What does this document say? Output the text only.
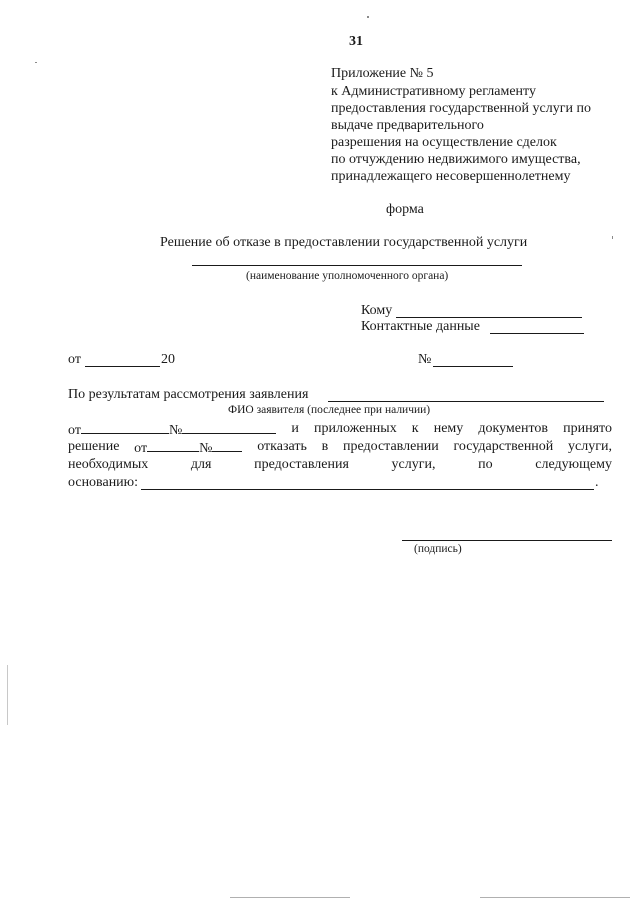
31
Приложение № 5
к Административному регламенту
предоставления государственной услуги по
выдаче предварительного
разрешения на осуществление сделок
по отчуждению недвижимого имущества,
принадлежащего несовершеннолетнему
форма
Решение об отказе в предоставлении государственной услуги
(наименование уполномоченного органа)
Кому
Контактные данные
от	20	№
По результатам рассмотрения заявления
ФИО заявителя (последнее при наличии)
от	№	и приложенных к нему документов принято
решение от	№	отказать в предоставлении государственной услуги,
необходимых	для	предоставления	услуги,	по	следующему
основанию:	.
(подпись)
